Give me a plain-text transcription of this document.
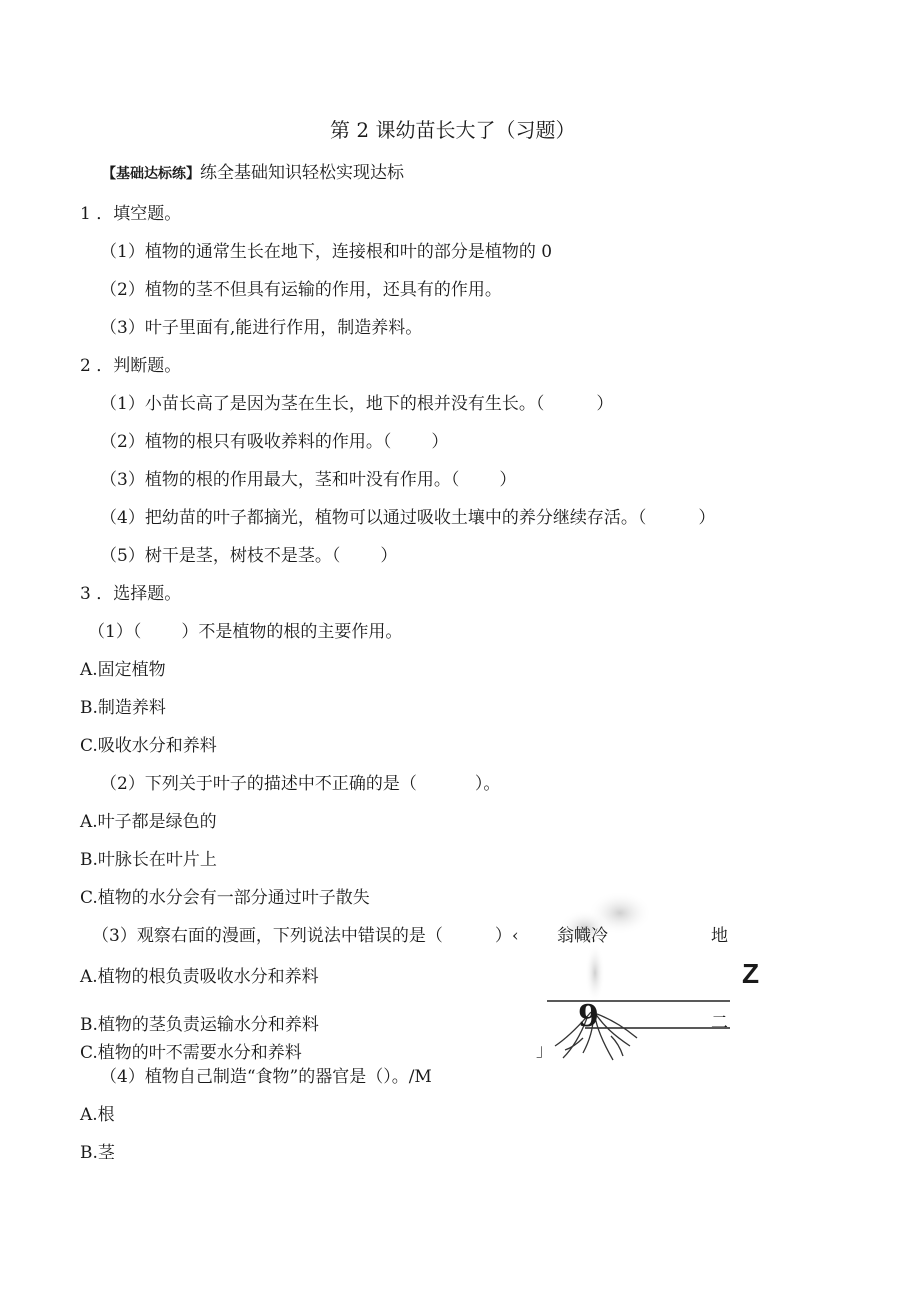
第 2 课幼苗长大了（习题）
【基础达标练】练全基础知识轻松实现达标
1 ．填空题。
（1）植物的通常生长在地下，连接根和叶的部分是植物的 0
（2）植物的茎不但具有运输的作用，还具有的作用。
（3）叶子里面有,能进行作用，制造养料。
2 ．判断题。
（1）小苗长高了是因为茎在生长，地下的根并没有生长。（	）
（2）植物的根只有吸收养料的作用。（ ）
（3）植物的根的作用最大，茎和叶没有作用。（ ）
（4）把幼苗的叶子都摘光，植物可以通过吸收土壤中的养分继续存活。（	）
（5）树干是茎，树枝不是茎。（ ）
3 ．选择题。
（1）（ ）不是植物的根的主要作用。
A.固定植物
B.制造养料
C.吸收水分和养料
（2）下列关于叶子的描述中不正确的是（	）。
A.叶子都是绿色的
B.叶脉长在叶片上
C.植物的水分会有一部分通过叶子散失
（3）观察右面的漫画，下列说法中错误的是（	）‹
A.植物的根负责吸收水分和养料
B.植物的茎负责运输水分和养料
C.植物的叶不需要水分和养料
（4）植物自己制造“食物”的器官是（）。/M
A.根
B.茎
翁幟冷	地
Z
9	二
」
